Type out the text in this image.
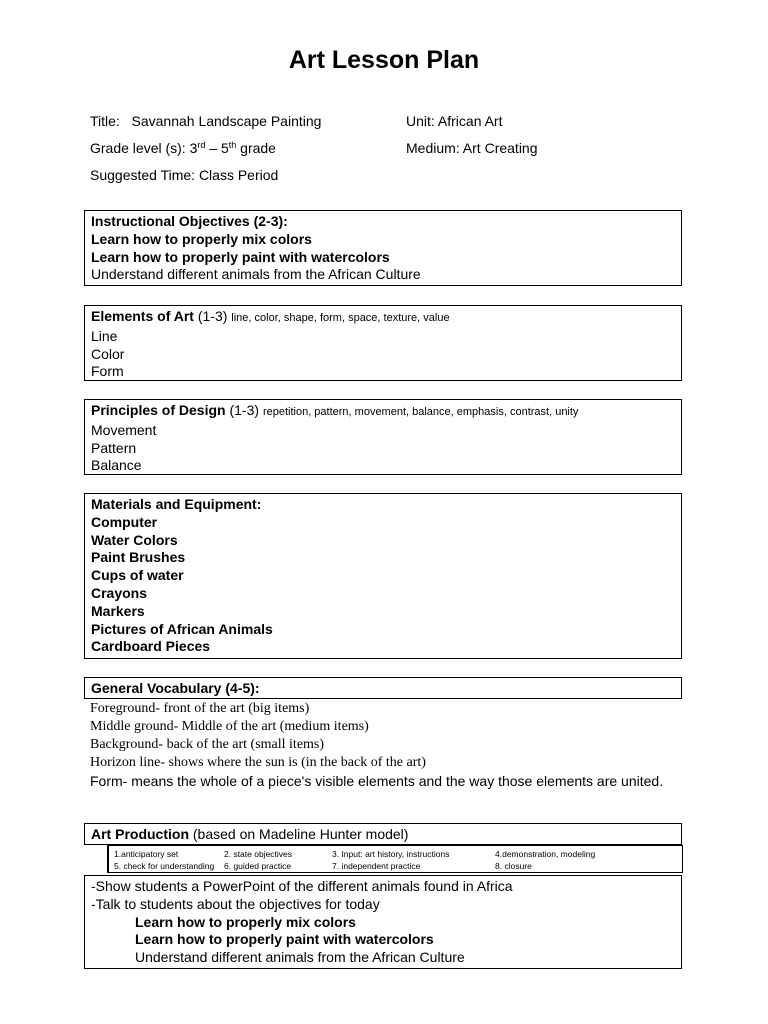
Art Lesson Plan
Title: Savannah Landscape Painting	Unit: African Art
Grade level (s): 3rd – 5th grade	Medium: Art Creating
Suggested Time: Class Period
Instructional Objectives (2-3):
Learn how to properly mix colors
Learn how to properly paint with watercolors
Understand different animals from the African Culture
Elements of Art (1-3) line, color, shape, form, space, texture, value
Line
Color
Form
Principles of Design (1-3) repetition, pattern, movement, balance, emphasis, contrast, unity
Movement
Pattern
Balance
Materials and Equipment:
Computer
Water Colors
Paint Brushes
Cups of water
Crayons
Markers
Pictures of African Animals
Cardboard Pieces
General Vocabulary (4-5):
Foreground- front of the art (big items)
Middle ground- Middle of the art (medium items)
Background- back of the art (small items)
Horizon line- shows where the sun is (in the back of the art)
Form- means the whole of a piece's visible elements and the way those elements are united.
Art Production (based on Madeline Hunter model)
1.anticipatory set	2. state objectives	3. Input: art history, instructions	4.demonstration, modeling
5. check for understanding	6. guided practice	7. independent practice	8. closure
-Show students a PowerPoint of the different animals found in Africa
-Talk to students about the objectives for today
Learn how to properly mix colors
Learn how to properly paint with watercolors
Understand different animals from the African Culture
